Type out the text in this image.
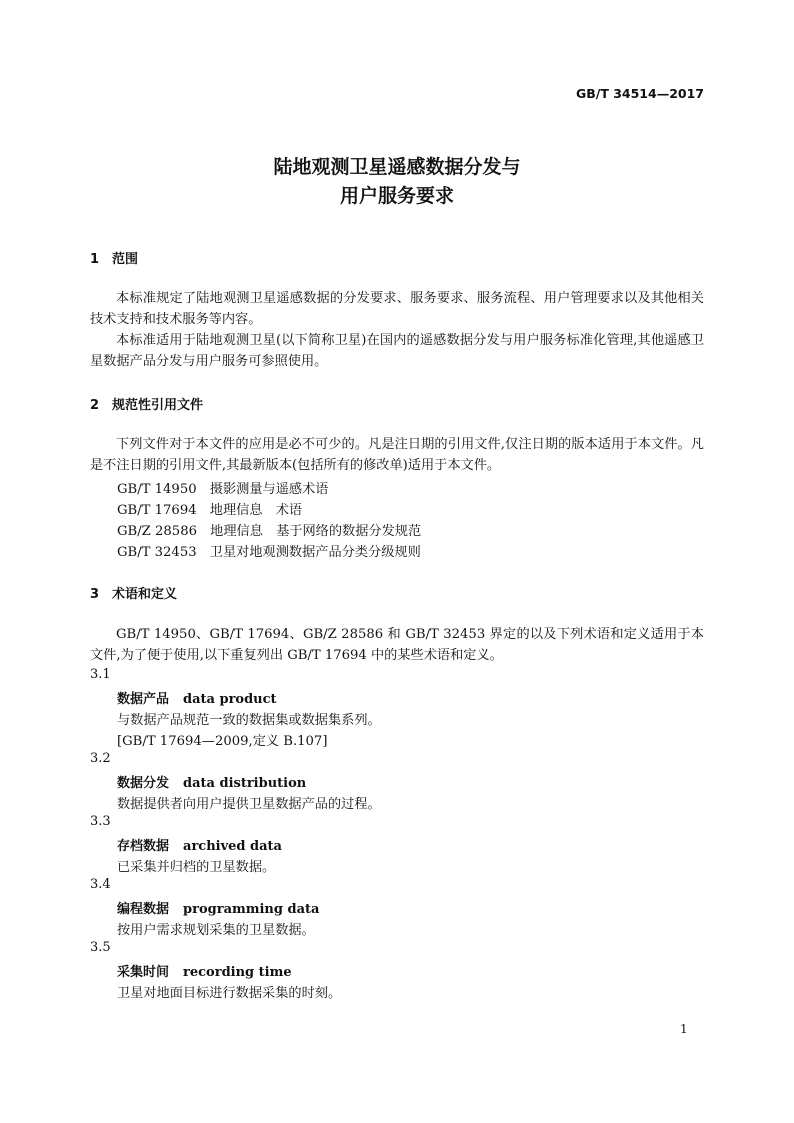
GB/T 34514—2017
陆地观测卫星遥感数据分发与
用户服务要求
1 范围
本标准规定了陆地观测卫星遥感数据的分发要求、服务要求、服务流程、用户管理要求以及其他相关技术支持和技术服务等内容。
本标准适用于陆地观测卫星(以下简称卫星)在国内的遥感数据分发与用户服务标准化管理,其他遥感卫星数据产品分发与用户服务可参照使用。
2 规范性引用文件
下列文件对于本文件的应用是必不可少的。凡是注日期的引用文件,仅注日期的版本适用于本文件。凡是不注日期的引用文件,其最新版本(包括所有的修改单)适用于本文件。
GB/T 14950　摄影测量与遥感术语
GB/T 17694　地理信息　术语
GB/Z 28586　地理信息　基于网络的数据分发规范
GB/T 32453　卫星对地观测数据产品分类分级规则
3 术语和定义
GB/T 14950、GB/T 17694、GB/Z 28586 和 GB/T 32453 界定的以及下列术语和定义适用于本文件,为了便于使用,以下重复列出 GB/T 17694 中的某些术语和定义。
3.1
数据产品 data product
与数据产品规范一致的数据集或数据集系列。
[GB/T 17694—2009,定义 B.107]
3.2
数据分发 data distribution
数据提供者向用户提供卫星数据产品的过程。
3.3
存档数据 archived data
已采集并归档的卫星数据。
3.4
编程数据 programming data
按用户需求规划采集的卫星数据。
3.5
采集时间 recording time
卫星对地面目标进行数据采集的时刻。
1
